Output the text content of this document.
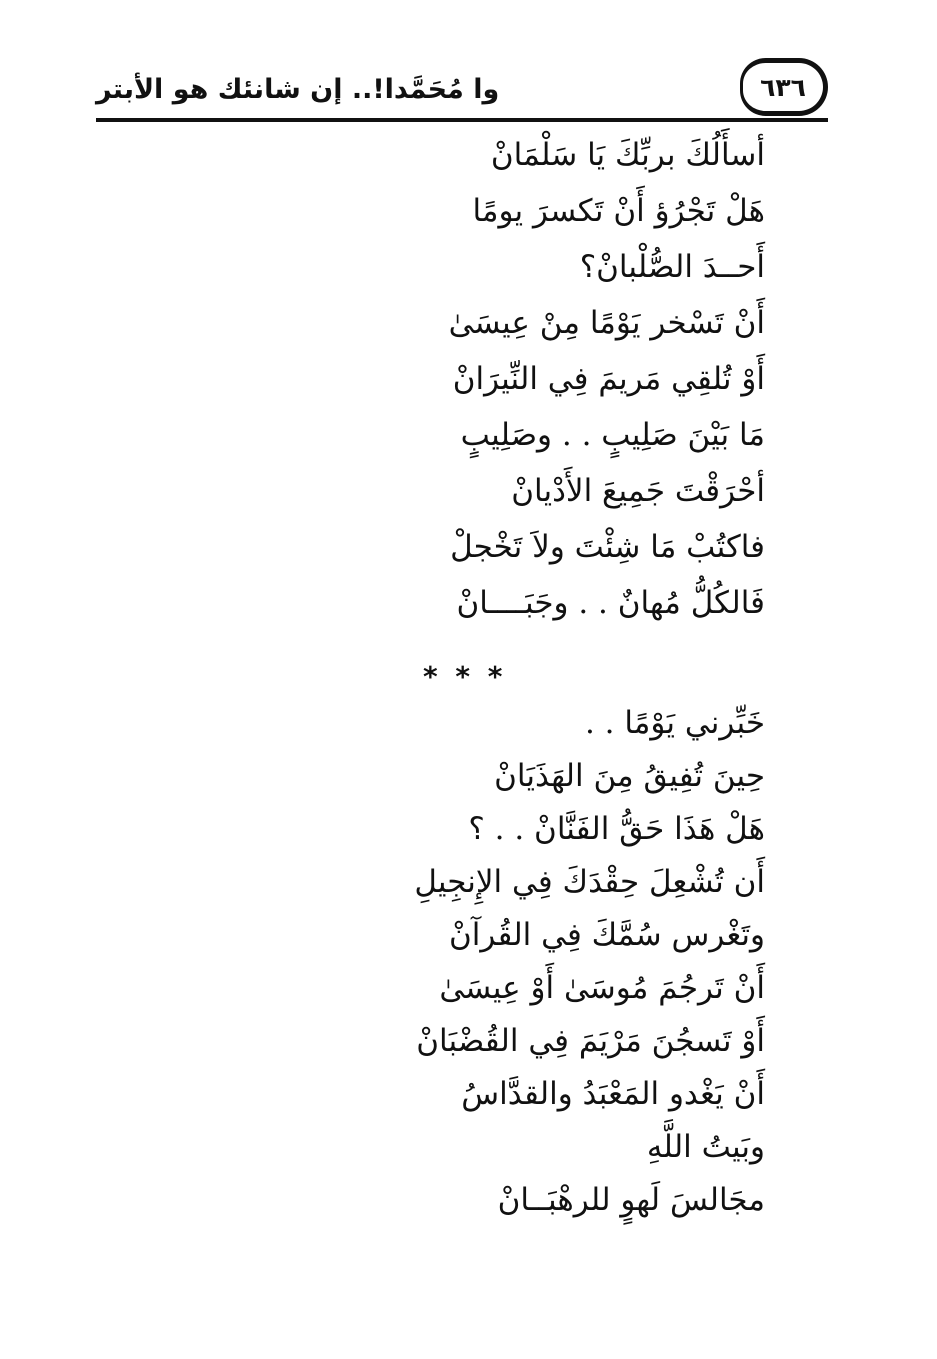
وا مُحَمَّدا!.. إن شانئك هو الأبتر	٦٣٦
أسأَلُكَ بربِّكَ يَا سَلْمَانْ
هَلْ تَجْرُؤ أَنْ تَكسرَ يومًا
أَحــدَ الصُّلْبانْ؟
أَنْ تَسْخر يَوْمًا مِنْ عِيسَىٰ
أَوْ تُلقِي مَريمَ فِي النِّيرَانْ
مَا بَيْنَ صَلِيبٍ . . وصَلِيبٍ
أحْرَقْتَ جَمِيعَ الأَدْيانْ
فاكتُبْ مَا شِئْتَ ولاَ تَخْجلْ
فَالكُلُّ مُهانٌ . . وجَبَــــانْ
* * *
خَبِّرني يَوْمًا . .
حِينَ تُفِيقُ مِنَ الهَذَيَانْ
هَلْ هَذَا حَقُّ الفَنَّانْ . . ؟
أَن تُشْعِلَ حِقْدَكَ فِي الإِنجِيلِ
وتَغْرس سُمَّكَ فِي القُرآنْ
أَنْ تَرجُمَ مُوسَىٰ أَوْ عِيسَىٰ
أَوْ تَسجُنَ مَرْيَمَ فِي القُضْبَانْ
أَنْ يَغْدو المَعْبَدُ والقدَّاسُ
وبَيتُ اللَّهِ
مجَالسَ لَهوٍ للرهْبَــانْ
